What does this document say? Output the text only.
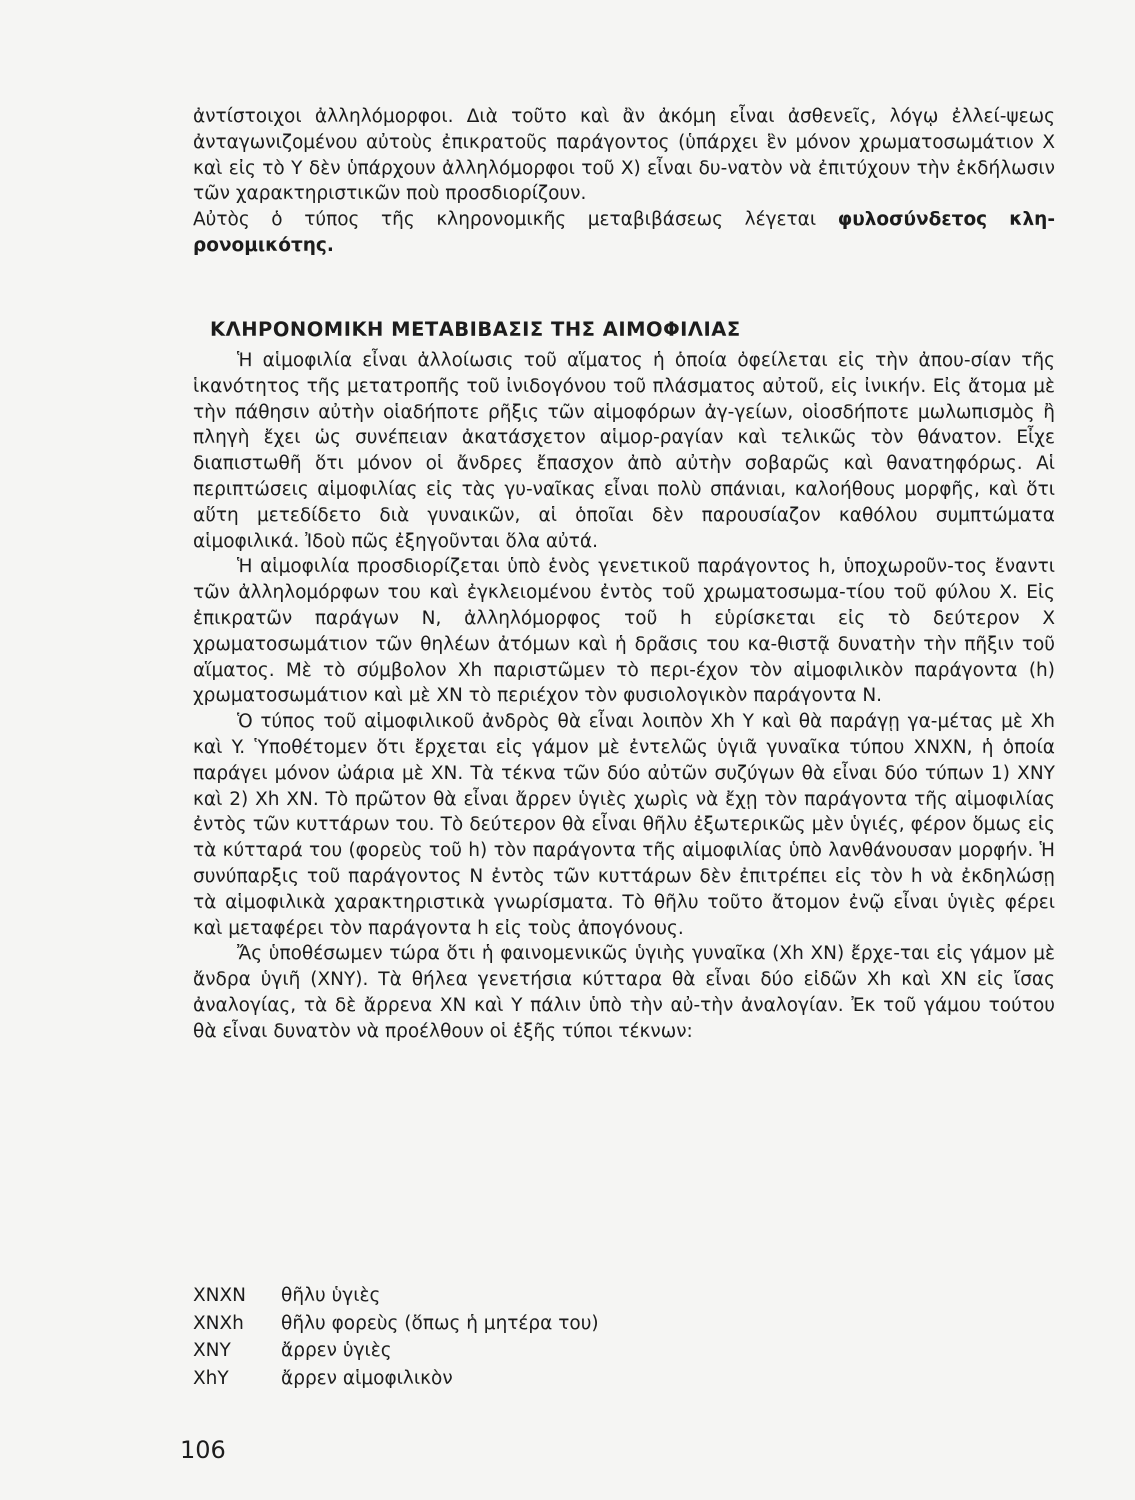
ἀντίστοιχοι ἀλληλόμορφοι. Διὰ τοῦτο καὶ ἂν ἀκόμη εἶναι ἀσθενεῖς, λόγῳ ἐλλεί-ψεως ἀνταγωνιζομένου αὐτοὺς ἐπικρατοῦς παράγοντος (ὑπάρχει ἓν μόνον χρωματοσωμάτιον X καὶ εἰς τὸ Y δὲν ὑπάρχουν ἀλληλόμορφοι τοῦ X) εἶναι δυ-νατὸν νὰ ἐπιτύχουν τὴν ἐκδήλωσιν τῶν χαρακτηριστικῶν ποὺ προσδιορίζουν.

Αὐτὸς ὁ τύπος τῆς κληρονομικῆς μεταβιβάσεως λέγεται φυλοσύνδετος κλη-ρονομικότης.

ΚΛΗΡΟΝΟΜΙΚΗ ΜΕΤΑΒΙΒΑΣΙΣ ΤΗΣ ΑΙΜΟΦΙΛΙΑΣ

Ἡ αἱμοφιλία εἶναι ἀλλοίωσις τοῦ αἵματος ἡ ὁποία ὀφείλεται εἰς τὴν ἀπου-σίαν τῆς ἱκανότητος τῆς μετατροπῆς τοῦ ἰνιδογόνου τοῦ πλάσματος αὐτοῦ, εἰς ἰνικήν. Εἰς ἄτομα μὲ τὴν πάθησιν αὐτὴν οἱαδήποτε ρῆξις τῶν αἱμοφόρων ἀγ-γείων, οἱοσδήποτε μωλωπισμὸς ἢ πληγὴ ἔχει ὡς συνέπειαν ἀκατάσχετον αἱμορ-ραγίαν καὶ τελικῶς τὸν θάνατον. Εἶχε διαπιστωθῆ ὅτι μόνον οἱ ἄνδρες ἔπασχον ἀπὸ αὐτὴν σοβαρῶς καὶ θανατηφόρως. Αἱ περιπτώσεις αἱμοφιλίας εἰς τὰς γυ-ναῖκας εἶναι πολὺ σπάνιαι, καλοήθους μορφῆς, καὶ ὅτι αὕτη μετεδίδετο διὰ γυναικῶν, αἱ ὁποῖαι δὲν παρουσίαζον καθόλου συμπτώματα αἱμοφιλικά. Ἰδοὺ πῶς ἐξηγοῦνται ὅλα αὐτά.

Ἡ αἱμοφιλία προσδιορίζεται ὑπὸ ἑνὸς γενετικοῦ παράγοντος h, ὑποχωροῦν-τος ἔναντι τῶν ἀλληλομόρφων του καὶ ἐγκλειομένου ἐντὸς τοῦ χρωματοσωμα-τίου τοῦ φύλου X. Εἰς ἐπικρατῶν παράγων N, ἀλληλόμορφος τοῦ h εὑρίσκεται εἰς τὸ δεύτερον X χρωματοσωμάτιον τῶν θηλέων ἀτόμων καὶ ἡ δρᾶσις του κα-θιστᾷ δυνατὴν τὴν πῆξιν τοῦ αἵματος. Μὲ τὸ σύμβολον Xh παριστῶμεν τὸ περι-έχον τὸν αἱμοφιλικὸν παράγοντα (h) χρωματοσωμάτιον καὶ μὲ XN τὸ περιέχον τὸν φυσιολογικὸν παράγοντα N.

Ὁ τύπος τοῦ αἱμοφιλικοῦ ἀνδρὸς θὰ εἶναι λοιπὸν Xh Y καὶ θὰ παράγῃ γα-μέτας μὲ Xh καὶ Y. Ὑποθέτομεν ὅτι ἔρχεται εἰς γάμον μὲ ἐντελῶς ὑγιᾶ γυναῖκα τύπου XNXN, ἡ ὁποία παράγει μόνον ὠάρια μὲ XN. Τὰ τέκνα τῶν δύο αὐτῶν συζύγων θὰ εἶναι δύο τύπων 1) XNY καὶ 2) Xh XN. Τὸ πρῶτον θὰ εἶναι ἄρρεν ὑγιὲς χωρὶς νὰ ἔχῃ τὸν παράγοντα τῆς αἱμοφιλίας ἐντὸς τῶν κυττάρων του. Τὸ δεύτερον θὰ εἶναι θῆλυ ἐξωτερικῶς μὲν ὑγιές, φέρον ὅμως εἰς τὰ κύτταρά του (φορεὺς τοῦ h) τὸν παράγοντα τῆς αἱμοφιλίας ὑπὸ λανθάνουσαν μορφήν. Ἡ συνύπαρξις τοῦ παράγοντος N ἐντὸς τῶν κυττάρων δὲν ἐπιτρέπει εἰς τὸν h νὰ ἐκδηλώσῃ τὰ αἱμοφιλικὰ χαρακτηριστικὰ γνωρίσματα. Τὸ θῆλυ τοῦτο ἄτομον ἐνῷ εἶναι ὑγιὲς φέρει καὶ μεταφέρει τὸν παράγοντα h εἰς τοὺς ἀπογόνους.

Ἄς ὑποθέσωμεν τώρα ὅτι ἡ φαινομενικῶς ὑγιὴς γυναῖκα (Xh XN) ἔρχε-ται εἰς γάμον μὲ ἄνδρα ὑγιῆ (XNY). Τὰ θήλεα γενετήσια κύτταρα θὰ εἶναι δύο εἰδῶν Xh καὶ XN εἰς ἴσας ἀναλογίας, τὰ δὲ ἄρρενα XN καὶ Y πάλιν ὑπὸ τὴν αὐ-τὴν ἀναλογίαν. Ἐκ τοῦ γάμου τούτου θὰ εἶναι δυνατὸν νὰ προέλθουν οἱ ἑξῆς τύποι τέκνων:

XNXN	θῆλυ ὑγιὲς
XNXh	θῆλυ φορεὺς (ὅπως ἡ μητέρα του)
XNY	ἄρρεν ὑγιὲς
XhY	ἄρρεν αἱμοφιλικὸν
106
